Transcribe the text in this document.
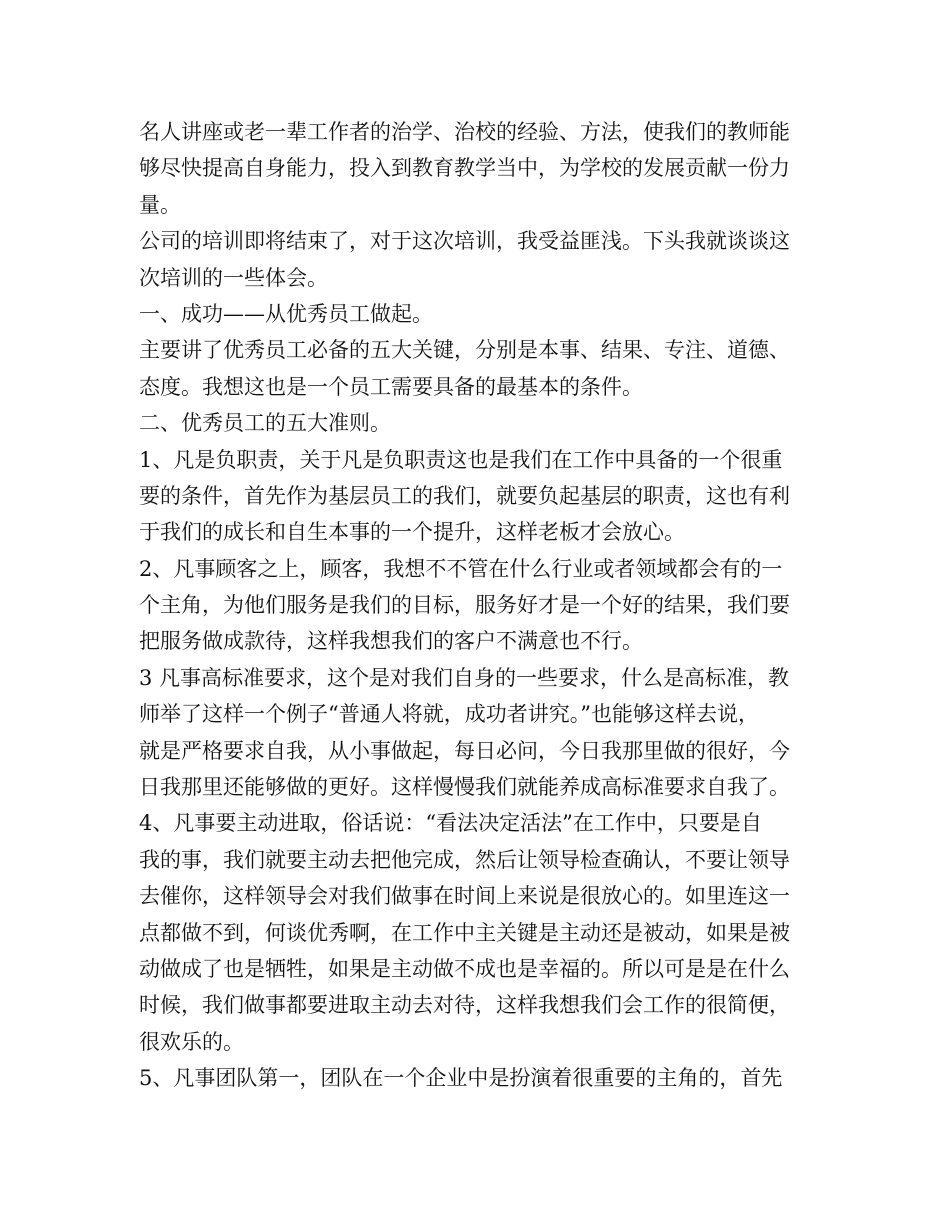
名人讲座或老一辈工作者的治学、治校的经验、方法，使我们的教师能
够尽快提高自身能力，投入到教育教学当中，为学校的发展贡献一份力
量。
公司的培训即将结束了，对于这次培训，我受益匪浅。下头我就谈谈这
次培训的一些体会。
一、成功——从优秀员工做起。
主要讲了优秀员工必备的五大关键，分别是本事、结果、专注、道德、
态度。我想这也是一个员工需要具备的最基本的条件。
二、优秀员工的五大准则。
1、凡是负职责，关于凡是负职责这也是我们在工作中具备的一个很重
要的条件，首先作为基层员工的我们，就要负起基层的职责，这也有利
于我们的成长和自生本事的一个提升，这样老板才会放心。
2、凡事顾客之上，顾客，我想不不管在什么行业或者领域都会有的一
个主角，为他们服务是我们的目标，服务好才是一个好的结果，我们要
把服务做成款待，这样我想我们的客户不满意也不行。
3 凡事高标准要求，这个是对我们自身的一些要求，什么是高标准，教
师举了这样一个例子“普通人将就，成功者讲究。”也能够这样去说，
就是严格要求自我，从小事做起，每日必问，今日我那里做的很好，今
日我那里还能够做的更好。这样慢慢我们就能养成高标准要求自我了。
4、凡事要主动进取，俗话说：“看法决定活法”在工作中，只要是自
我的事，我们就要主动去把他完成，然后让领导检查确认，不要让领导
去催你，这样领导会对我们做事在时间上来说是很放心的。如里连这一
点都做不到，何谈优秀啊，在工作中主关键是主动还是被动，如果是被
动做成了也是牺牲，如果是主动做不成也是幸福的。所以可是是在什么
时候，我们做事都要进取主动去对待，这样我想我们会工作的很简便，
很欢乐的。
5、凡事团队第一，团队在一个企业中是扮演着很重要的主角的，首先
